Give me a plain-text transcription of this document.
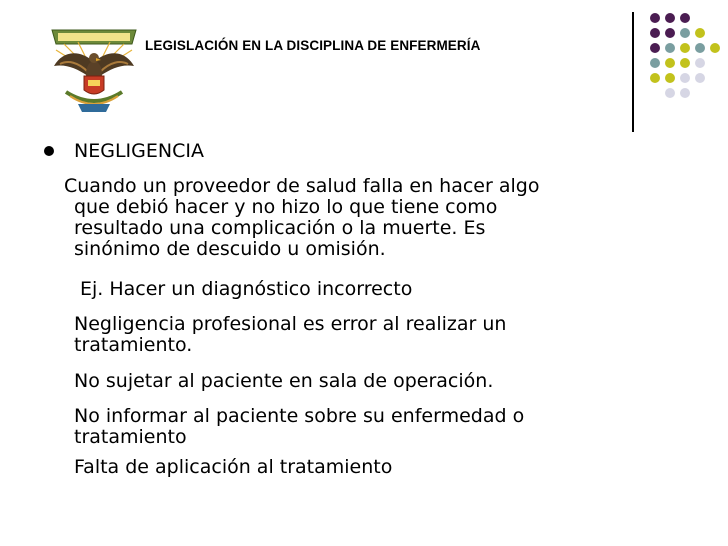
LEGISLACIÓN EN LA DISCIPLINA DE ENFERMERÍA
NEGLIGENCIA
Cuando un proveedor de salud falla en hacer algo
que debió hacer y no hizo lo que tiene como
resultado una complicación o la muerte. Es
sinónimo de descuido u omisión.
Ej. Hacer un diagnóstico incorrecto
Negligencia profesional es error al realizar un
tratamiento.
No sujetar al paciente en sala de operación.
No informar al paciente sobre su enfermedad o
tratamiento
Falta de aplicación al tratamiento
